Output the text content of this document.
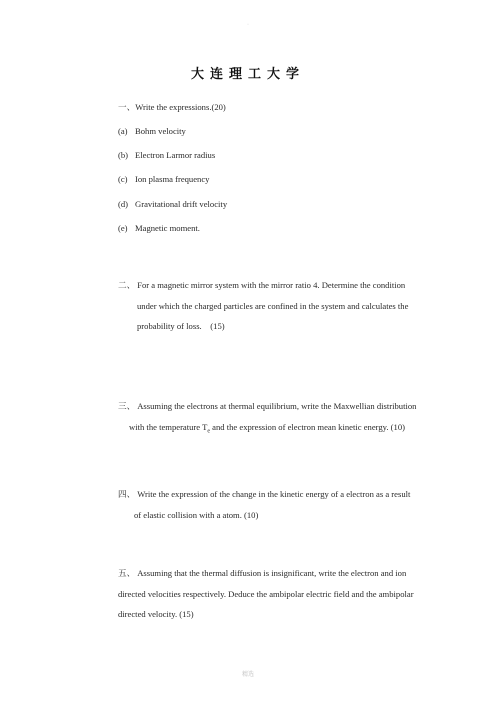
·
大连理工大学
一、Write the expressions.(20)
(a) Bohm velocity
(b) Electron Larmor radius
(c) Ion plasma frequency
(d) Gravitational drift velocity
(e) Magnetic moment.
二、 For a magnetic mirror system with the mirror ratio 4. Determine the condition
under which the charged particles are confined in the system and calculates the
probability of loss.    (15)
三、 Assuming the electrons at thermal equilibrium, write the Maxwellian distribution
with the temperature $T_e$ and the expression of electron mean kinetic energy. (10)
四、 Write the expression of the change in the kinetic energy of a electron as a result
of elastic collision with a atom. (10)
五、 Assuming that the thermal diffusion is insignificant, write the electron and ion
directed velocities respectively. Deduce the ambipolar electric field and the ambipolar
directed velocity. (15)
精选
